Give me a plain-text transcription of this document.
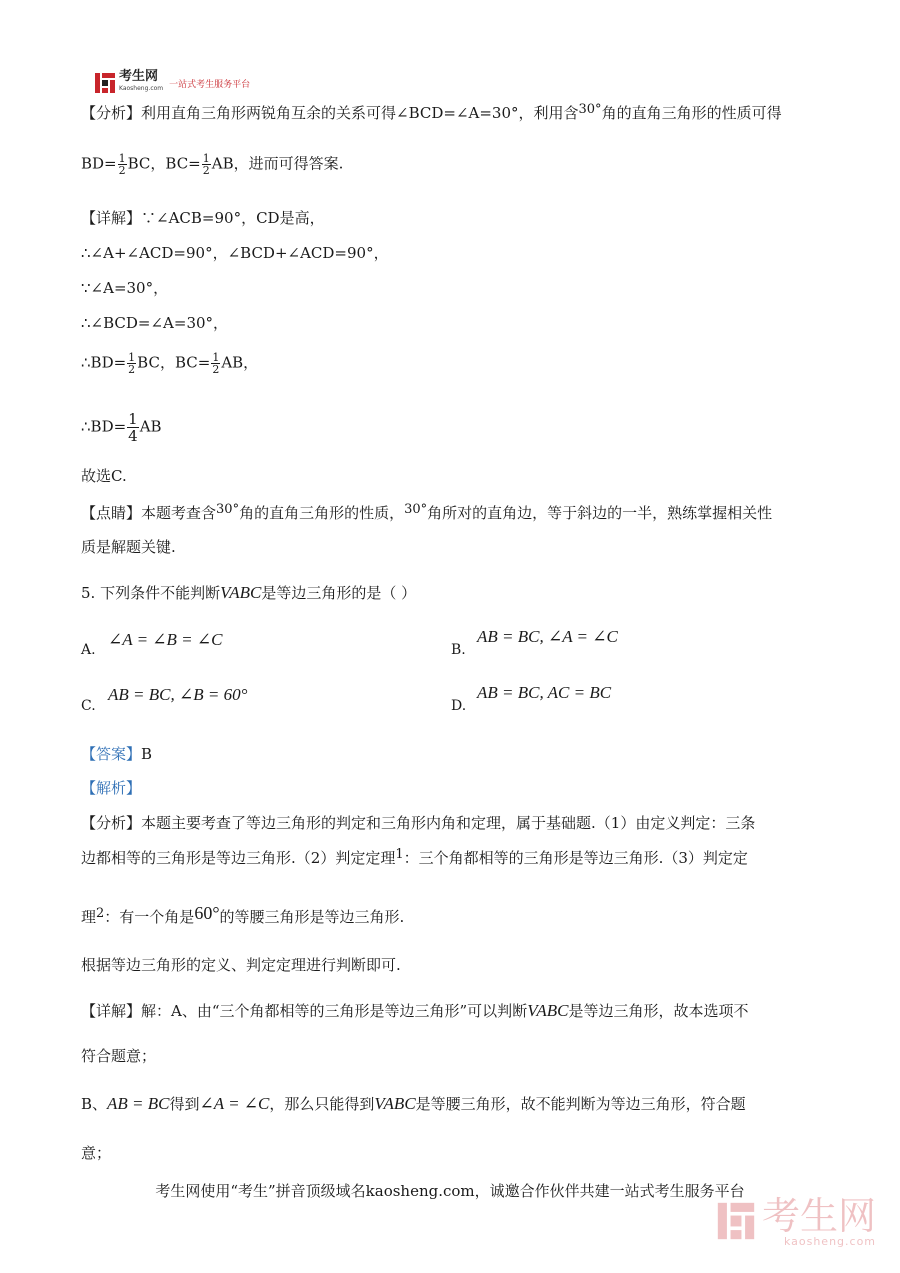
考生网
Kaosheng.com 一站式考生服务平台
【分析】利用直角三角形两锐角互余的关系可得∠BCD=∠A=30°，利用含30°角的直角三角形的性质可得
$BD= \frac{1}{2}$ BC，$BC= \frac{1}{2}$ AB，进而可得答案.
【详解】∵∠ACB=90°，CD是高，
∴∠A+∠ACD=90°，∠BCD+∠ACD=90°，
∵∠A=30°，
∴∠BCD=∠A=30°，
∴BD= $\frac{1}{2}$ BC，$BC= \frac{1}{2}$ AB，
∴BD= $\frac{1}{4}$ AB
故选C.
【点睛】本题考查含30°角的直角三角形的性质，30°角所对的直角边，等于斜边的一半，熟练掌握相关性
质是解题关键.
5. 下列条件不能判断VABC是等边三角形的是（ ）
A.
∠A = ∠B = ∠C
B.
AB = BC, ∠A = ∠C
C.
AB = BC, ∠B = 60°
D.
AB = BC, AC = BC
【答案】B
【解析】
【分析】本题主要考查了等边三角形的判定和三角形内角和定理，属于基础题.（1）由定义判定：三条
边都相等的三角形是等边三角形.（2）判定定理1：三个角都相等的三角形是等边三角形.（3）判定定
理2：有一个角是60°的等腰三角形是等边三角形.
根据等边三角形的定义、判定定理进行判断即可.
【详解】解：A、由“三个角都相等的三角形是等边三角形”可以判断VABC是等边三角形，故本选项不
符合题意；
B、AB = BC得到∠A = ∠C，那么只能得到VABC是等腰三角形，故不能判断为等边三角形，符合题
意；
考生网使用“考生”拼音顶级域名kaosheng.com，诚邀合作伙伴共建一站式考生服务平台
考生网
kaosheng.com
